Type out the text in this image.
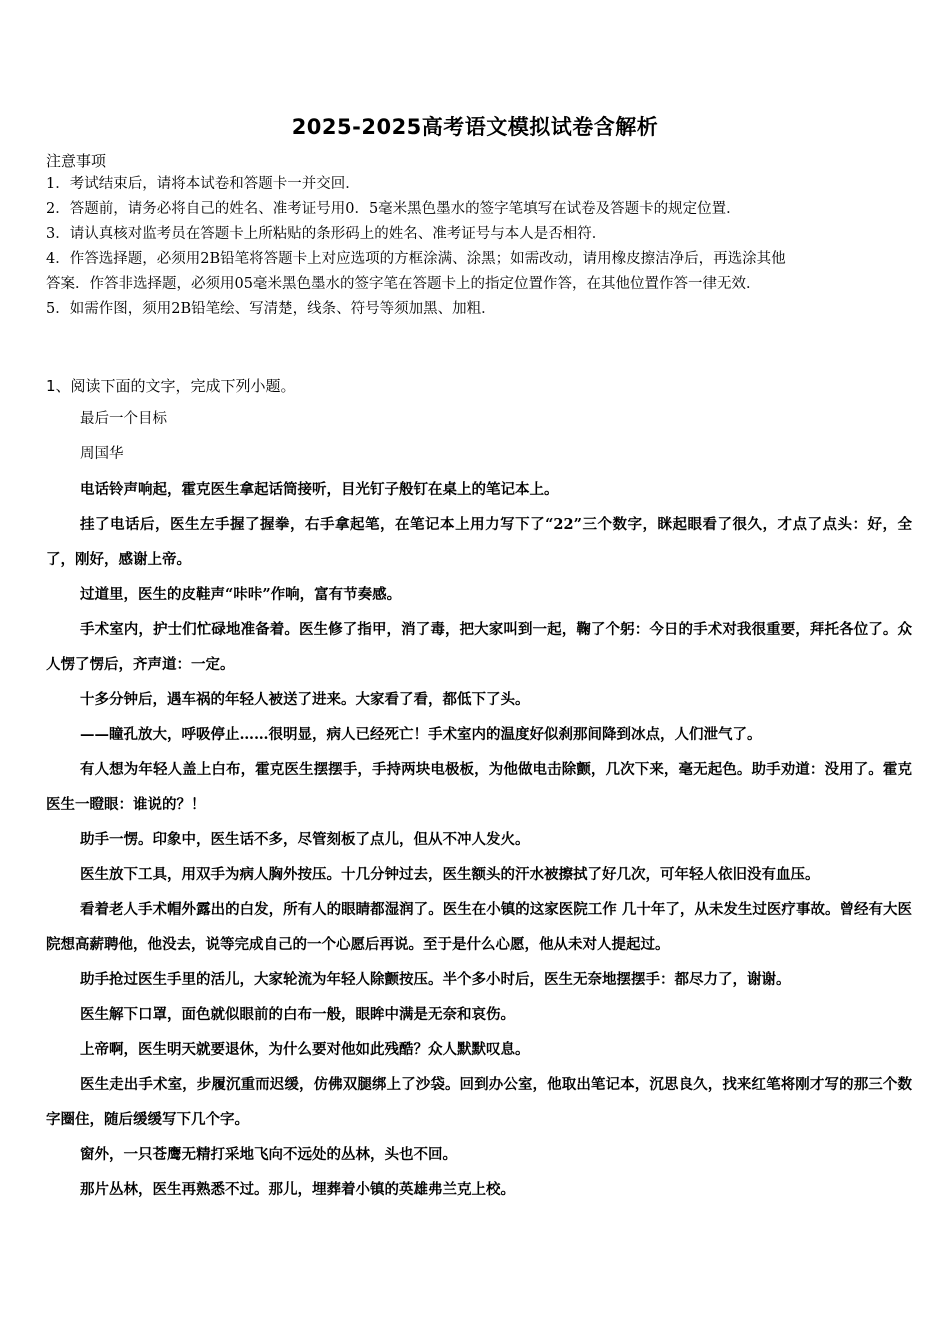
2025-2025高考语文模拟试卷含解析
注意事项
1．考试结束后，请将本试卷和答题卡一并交回．
2．答题前，请务必将自己的姓名、准考证号用0．5毫米黑色墨水的签字笔填写在试卷及答题卡的规定位置．
3．请认真核对监考员在答题卡上所粘贴的条形码上的姓名、准考证号与本人是否相符．
4．作答选择题，必须用2B铅笔将答题卡上对应选项的方框涂满、涂黑；如需改动，请用橡皮擦洁净后，再选涂其他
答案．作答非选择题，必须用05毫米黑色墨水的签字笔在答题卡上的指定位置作答，在其他位置作答一律无效．
5．如需作图，须用2B铅笔绘、写清楚，线条、符号等须加黑、加粗．
1、阅读下面的文字，完成下列小题。

最后一个目标

周国华

电话铃声响起，霍克医生拿起话筒接听，目光钉子般钉在桌上的笔记本上。

挂了电话后，医生左手握了握拳，右手拿起笔，在笔记本上用力写下了“22”三个数字，眯起眼看了很久，才点了点头：好，全了，刚好，感谢上帝。

过道里，医生的皮鞋声“咔咔”作响，富有节奏感。

手术室内，护士们忙碌地准备着。医生修了指甲，消了毒，把大家叫到一起，鞠了个躬：今日的手术对我很重要，拜托各位了。众人愣了愣后，齐声道：一定。

十多分钟后，遇车祸的年轻人被送了进来。大家看了看，都低下了头。

——瞳孔放大，呼吸停止……很明显，病人已经死亡！手术室内的温度好似刹那间降到冰点，人们泄气了。

有人想为年轻人盖上白布，霍克医生摆摆手，手持两块电极板，为他做电击除颤，几次下来，毫无起色。助手劝道：没用了。霍克医生一瞪眼：谁说的？！

助手一愣。印象中，医生话不多，尽管刻板了点儿，但从不冲人发火。

医生放下工具，用双手为病人胸外按压。十几分钟过去，医生额头的汗水被擦拭了好几次，可年轻人依旧没有血压。

看着老人手术帽外露出的白发，所有人的眼睛都湿润了。医生在小镇的这家医院工作 几十年了，从未发生过医疗事故。曾经有大医院想高薪聘他，他没去，说等完成自己的一个心愿后再说。至于是什么心愿，他从未对人提起过。

助手抢过医生手里的活儿，大家轮流为年轻人除颤按压。半个多小时后，医生无奈地摆摆手：都尽力了，谢谢。

医生解下口罩，面色就似眼前的白布一般，眼眸中满是无奈和哀伤。

上帝啊，医生明天就要退休，为什么要对他如此残酷？众人默默叹息。

医生走出手术室，步履沉重而迟缓，仿佛双腿绑上了沙袋。回到办公室，他取出笔记本，沉思良久，找来红笔将刚才写的那三个数字圈住，随后缓缓写下几个字。

窗外，一只苍鹰无精打采地飞向不远处的丛林，头也不回。

那片丛林，医生再熟悉不过。那儿，埋葬着小镇的英雄弗兰克上校。
